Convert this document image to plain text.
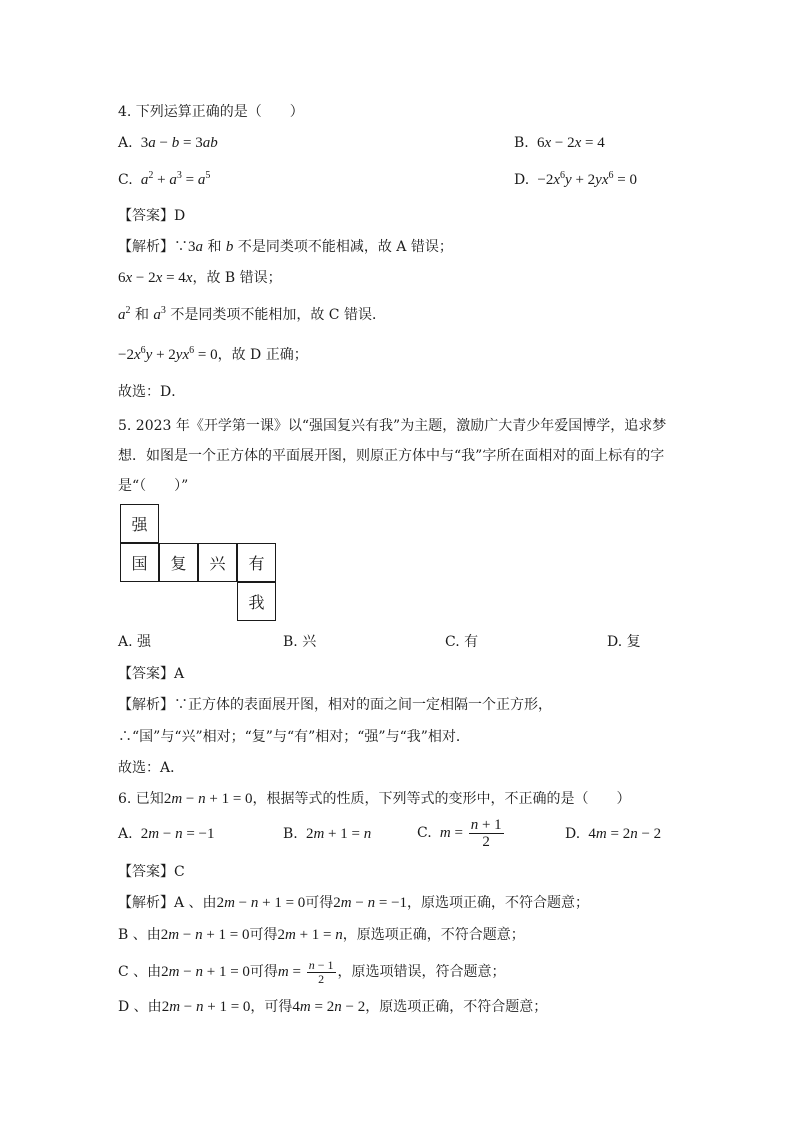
4. 下列运算正确的是（　　）
A.  3a − b = 3ab	B.  6x − 2x = 4
C. $a^2 + a^3 = a^5$	D.  $-2x^6y + 2yx^6 = 0$
【答案】D
【解析】∵3a 和 b 不是同类项不能相减，故 A 错误；
6x − 2x = 4x，故 B 错误；
$a^2$ 和 $a^3$ 不是同类项不能相加，故 C 错误．
$-2x^6y + 2yx^6 = 0$，故 D 正确；
故选：D．
5. 2023 年《开学第一课》以“强国复兴有我”为主题，激励广大青少年爱国博学，追求梦
想．如图是一个正方体的平面展开图，则原正方体中与“我”字所在面相对的面上标有的字
是“（　　）”
强
国	复	兴	有
我
A. 强	B. 兴	C. 有	D. 复
【答案】A
【解析】∵正方体的表面展开图，相对的面之间一定相隔一个正方形，
∴“国”与“兴”相对；“复”与“有”相对；“强”与“我”相对．
故选：A．
6. 已知2m − n + 1 = 0，根据等式的性质，下列等式的变形中，不正确的是（　　）
A.  2m − n = −1	B.  2m + 1 = n	C. $m = \frac{n + 1}{2}$	D.  4m = 2n − 2
【答案】C
【解析】A 、由2m − n + 1 = 0可得2m − n = −1，原选项正确，不符合题意；
B 、由2m − n + 1 = 0可得2m + 1 = n，原选项正确，不符合题意；
C 、由2m − n + 1 = 0可得$m = \frac{n - 1}{2}$ ，原选项错误，符合题意；
D 、由2m − n + 1 = 0，可得4m = 2n − 2，原选项正确，不符合题意；
